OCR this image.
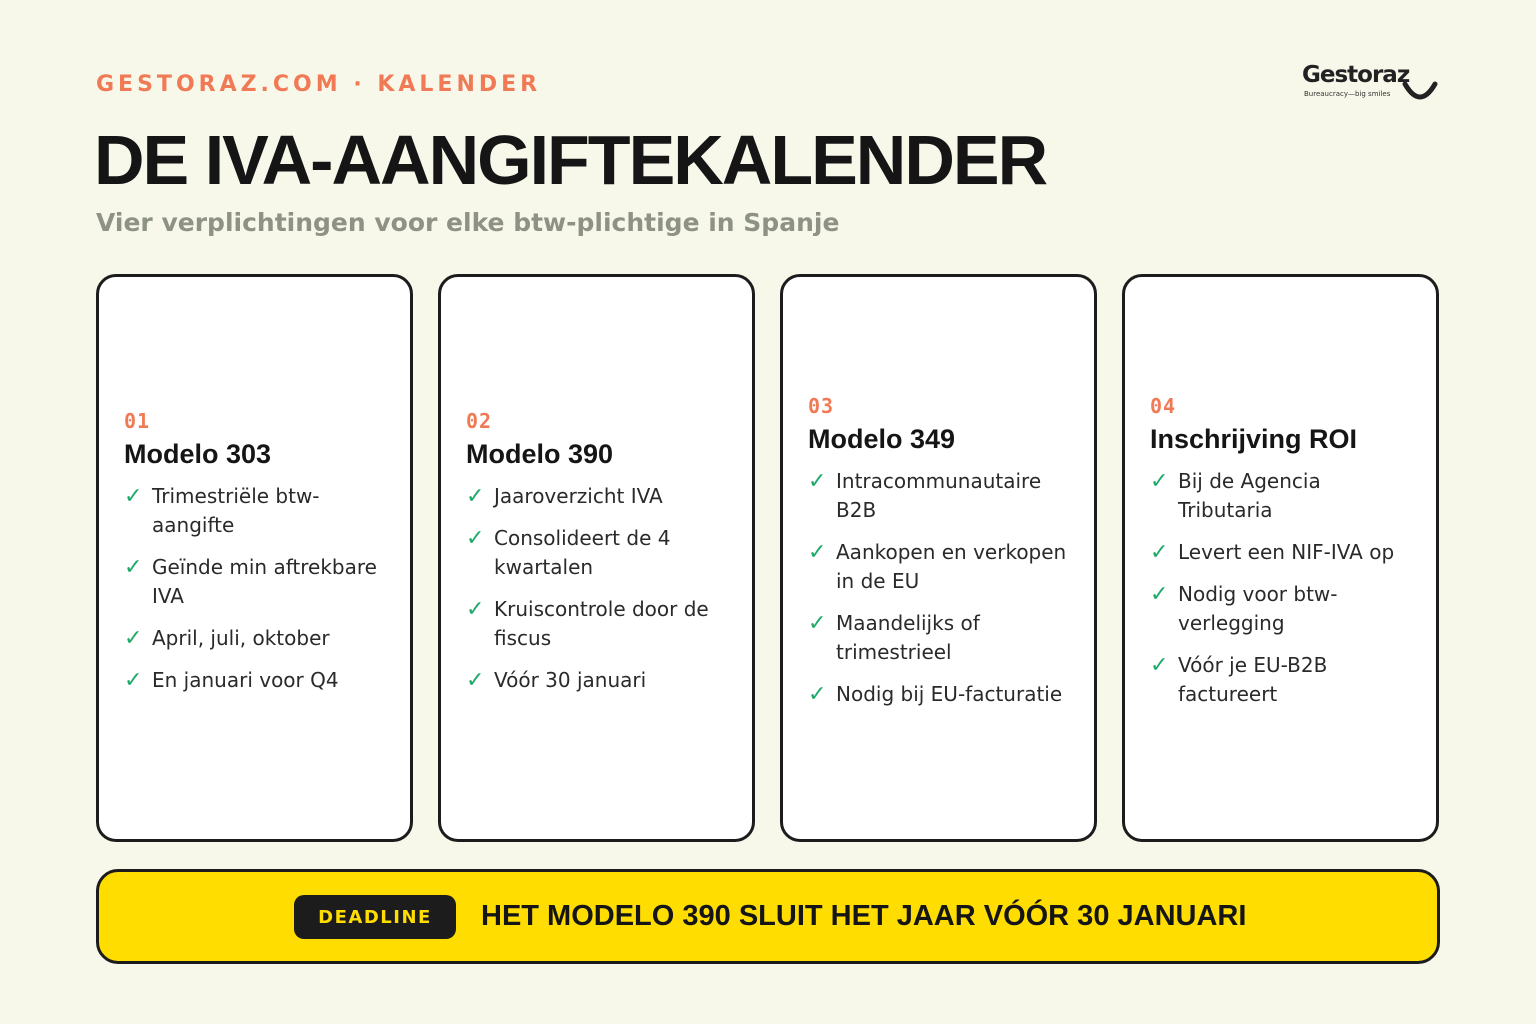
GESTORAZ.COM · KALENDER
DE IVA-AANGIFTEKALENDER
Vier verplichtingen voor elke btw-plichtige in Spanje
Gestoraz
Bureaucracy—big smiles
01
Modelo 303
✓ Trimestriële btw-aangifte
✓ Geïnde min aftrekbare IVA
✓ April, juli, oktober
✓ En januari voor Q4
02
Modelo 390
✓ Jaaroverzicht IVA
✓ Consolideert de 4 kwartalen
✓ Kruiscontrole door de fiscus
✓ Vóór 30 januari
03
Modelo 349
✓ Intracommunautaire B2B
✓ Aankopen en verkopen in de EU
✓ Maandelijks of trimestrieel
✓ Nodig bij EU-facturatie
04
Inschrijving ROI
✓ Bij de Agencia Tributaria
✓ Levert een NIF-IVA op
✓ Nodig voor btw-verlegging
✓ Vóór je EU-B2B factureert
DEADLINE	HET MODELO 390 SLUIT HET JAAR VÓÓR 30 JANUARI
